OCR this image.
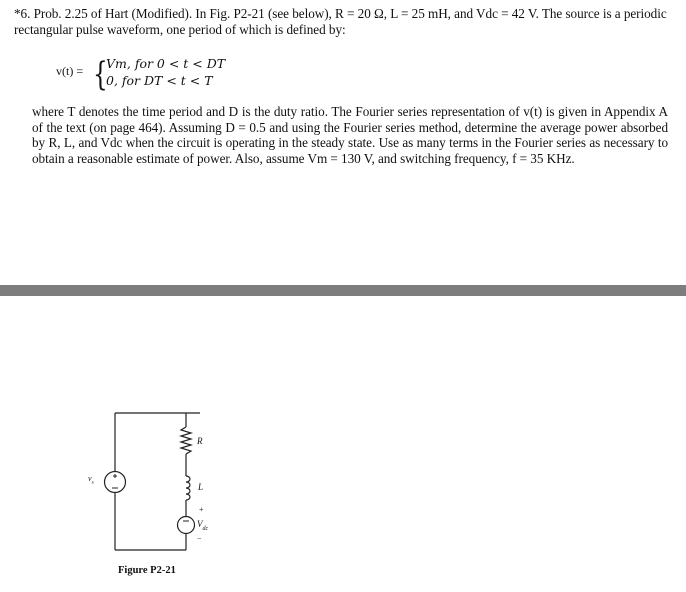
*6. Prob. 2.25 of Hart (Modified). In Fig. P2-21 (see below), R = 20 Ω, L = 25 mH, and Vdc = 42 V. The source is a periodic rectangular pulse waveform, one period of which is defined by:

v(t) = {
Vm, for 0 < t < DT
0, for DT < t < T

where T denotes the time period and D is the duty ratio. The Fourier series representation of v(t) is given in Appendix A of the text (on page 464). Assuming D = 0.5 and using the Fourier series method, determine the average power absorbed by R, L, and Vdc when the circuit is operating in the steady state. Use as many terms in the Fourier series as necessary to obtain a reasonable estimate of power. Also, assume Vm = 130 V, and switching frequency, f = 35 KHz.

R
L
+
$V_{dc}$
−
$v_s$
Figure P2-21
